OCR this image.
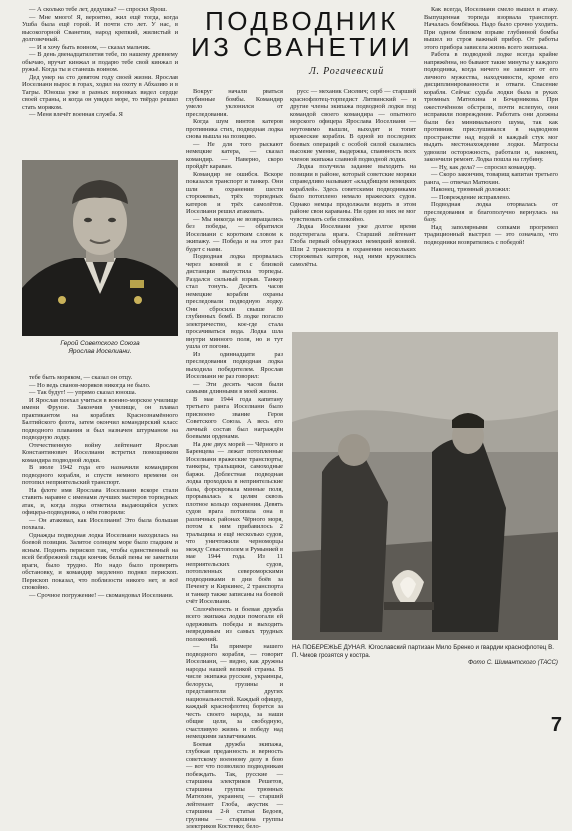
— А сколько тебе лет, дедушка? — спросил Ярош.

— Мне много! Я, вероятно, жил ещё тогда, когда Ушба была ещё горой. И почти сто лет. У нас, в высокогорной Сванетии, народ крепкий, жилистый и долговечный.

— И я хочу быть воином, — сказал мальчик.

— В день двенадцатилетия тебе, по нашему древнему обычаю, вручат кинжал и подарю тебе свой кинжал и ружьё. Когда ты и станешь воином.

Дед умер на сто девятом году своей жизни. Ярослав Иоселиани вырос в горах, ходил на охоту в Абхазию и в Тагры. Юноша уже в разных воронках видел сердце своей страны, и когда он увидел море, то твёрдо решил стать моряком.

— Меня влечёт военная служба. Я

Герой Советского Союза
Ярослав Иоселиани.

тебе быть моряком, — сказал он отцу.

— Но ведь сванов-моряков никогда не было.

— Так будут! — упрямо сказал юноша.

И Ярослав поехал учиться в военно-морское училище имени Фрунзе. Закончив училище, он плавал практикантом на кораблях Краснознамённого Балтийского флота, затем окончил командирский класс подводного плавания и был назначен штурманом на подводную лодку.

Отечественную войну лейтенант Ярослав Константинович Иоселиани встретил помощником командира подводной лодки.

В июле 1942 года его назначили командиром подводного корабля, и спустя немного времени он потопил неприятельский транспорт.

На флоте имя Ярослава Иоселиани вскоре стали ставить наравне с именами лучших мастеров торпедных атак, и, когда лодка отметила выдающийся успех офицера-подводника, о нём говорили:

— Он атаковал, как Иоселиани! Это была большая похвала.

Однажды подводная лодка Иоселиани находилась на боевой позиции. Залитое солнцем море было гладким и ясным. Поднять перископ так, чтобы единственный на всей безбрежной глади кончик белый пены не заметили враги, было трудно. Но надо было проверить обстановку, и командир медленно поднял перископ. Перископ показал, что поблизости никого нет, и всё спокойно.

— Срочное погружение! — скомандовал Иоселиани.

ПОДВОДНИК
ИЗ СВАНЕТИИ
Л. Рогачевский

Вокруг начали рваться глубинные бомбы. Командир умело уклонился от преследования.

Когда шум винтов катеров противника стих, подводная лодка снова вышла на позицию.

— Не для того рыскают немецкие катера, — сказал командир. — Наверно, скоро пройдёт караван.

Командир не ошибся. Вскоре показался транспорт и танкер. Они шли в охранении шести сторожевых, трёх торпедных катеров и трёх самолётов. Иоселиани решил атаковать.

— Мы никогда не возвращались без победы, — обратился Иоселиани с коротким словом к экипажу. — Победа и на этот раз будет с нами.

Подводная лодка прорвалась через конвой и с близкой дистанции выпустила торпеды. Раздался сильный взрыв. Танкер стал тонуть. Десять часов немецкие корабли охраны преследовали подводную лодку. Они сбросили свыше 80 глубинных бомб. В лодке погасло электричество, кое-где стала просачиваться вода. Лодка шла внутри минного поля, но и тут ушла от погони.

Из одиннадцати раз преследования подводная лодка выходила победителем. Ярослав Иоселиани не раз говорил:

— Эти десять часов были самыми длинными в моей жизни.

В мае 1944 года капитану третьего ранга Иоселиани было присвоено звание Героя Советского Союза. А весь его личный состав был награждён боевыми орденами.

На дне двух морей — Чёрного и Баренцева — лежат потопленные Иоселиани вражеские транспорты, танкеры, тральщики, самоходные баржи. Доблестная подводная лодка проходила в неприятельские базы, форсировала минные поля, прорывалась к целям сквозь плотное кольцо охранения. Девять судов врага потопила она в различных районах Чёрного моря, потом к ним прибавилось 2 тральщика и ещё несколько судов, что уничтожили черноморцы между Севастополем и Румынией в мае 1944 года. Из 11 неприятельских судов, потопленных североморскими подводниками в дни боёв за Печенгу и Киркинес, 2 транспорта и танкер также записаны на боевой счёт Иоселиани.

Сплочённость и боевая дружба всего экипажа лодки помогали ей одерживать победы и выходить невредимым из самых трудных положений.

— На примере нашего подводного корабля, — говорит Иоселиани, — видно, как дружны народы нашей великой страны. В числе экипажа русские, украинцы, белорусы, грузины и представители других национальностей. Каждый офицер, каждый краснофлотец борется за честь своего народа, за наши общие цели, за свободную, счастливую жизнь и победу над немецкими захватчиками.

Боевая дружба экипажа, глубокая преданность и верность советскому военному делу в бою — вот что позволило подводникам побеждать. Так, русские — старшина электриков Решетов, старшина группы трюмных Матюхин, украинец — старший лейтенант Глоба, акустик — старшина 2-й статьи Бедоев, грузины — старшина группы электриков Костенко; бело-

русс — механик Сисевич; серб — старший краснофлотец-торпедист Литвинский — и другие члены экипажа подводной лодки под командой своего командира — опытного морского офицера Ярослава Иоселиани — неутомимо вышли, выходят и топят вражеские корабли. В одной из последних боевых операций с особой силой сказались высокие умение, выдержка, спаянность всех членов экипажа славной подводной лодки.

Лодка получила задание выходить на позиции в районе, который советские моряки справедливо называют «кладбищем немецких кораблей». Здесь советскими подводниками было потоплено немало вражеских судов. Однако немцы продолжали водить в этом районе свои караваны. Ни один из них не мог чувствовать себя спокойно.

Лодка Иоселиани уже долгое время подстерегала врага. Старший лейтенант Глоба первый обнаружил немецкий конвой. Шли 2 транспорта в охранении нескольких сторожевых катеров, над ними кружились самолёты.

Как всегда, Иоселиани смело вышел в атаку. Выпущенная торпеда взорвала транспорт. Началась бомбёжка. Надо было срочно уходить. При одном близком взрыве глубинной бомбы вышел из строя важный прибор. От работы этого прибора зависела жизнь всего экипажа.

Работа в подводной лодке всегда крайне напряжённа, но бывают такие минуты у каждого подводника, когда ничего не зависит от его личного мужества, находчивости, кроме его дисциплинированности и отваги. Спасение корабля. Сейчас судьба лодки была в руках трюмных Матюхина и Бочарникова. При ожесточённом обстрели, почти вслепую, они исправили повреждение. Работать они должны были без минимального шума, так как противник прислушивался в надводном пространстве над водой и каждый стук мог выдать местонахождение лодки. Матросы удвоили осторожность, работали и, наконец, закончили ремонт. Лодка пошла на глубину.

— Ну, как дела? — спросил командир.

— Скоро закончим, товарищ капитан третьего ранга, — отвечал Матюхин.

Наконец, трюмный доложил:

— Повреждение исправлено.

Подводная лодка оторвалась от преследования и благополучно вернулась на базу.

Над заполярными сопками прогремел традиционный выстрел — это означало, что подводники возвратились с победой!

НА ПОБЕРЕЖЬЕ ДУНАЯ. Югославский партизан Мило Бренко и гвардии краснофлотец В. П. Чиков грозятся у костра.
Фото С. Шимантского (ТАСС)
7
